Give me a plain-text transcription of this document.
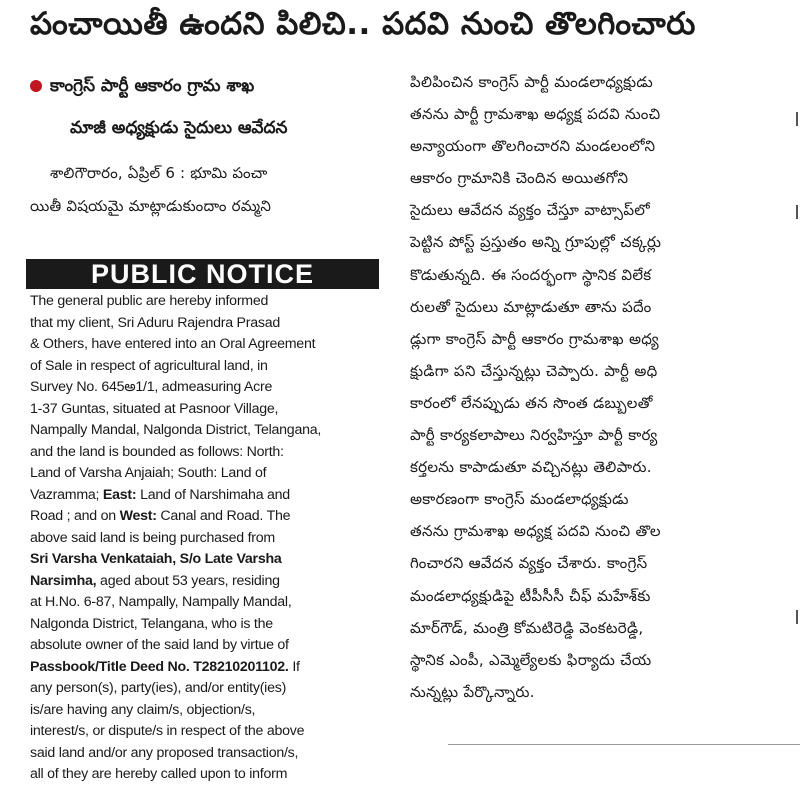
పంచాయితీ ఉందని పిలిచి.. పదవి నుంచి తొలగించారు
కాంగ్రెస్ పార్టీ ఆకారం గ్రామ శాఖ
మాజీ అధ్యక్షుడు సైదులు ఆవేదన
శాలిగౌరారం, ఏప్రిల్ 6 : భూమి పంచా
యితీ విషయమై మాట్లాడుకుందాం రమ్మని
PUBLIC NOTICE
The general public are hereby informed
that my client, Sri Aduru Rajendra Prasad
& Others, have entered into an Oral Agreement
of Sale in respect of agricultural land, in
Survey No. 645అ1/1, admeasuring Acre
1-37 Guntas, situated at Pasnoor Village,
Nampally Mandal, Nalgonda District, Telangana,
and the land is bounded as follows: North:
Land of Varsha Anjaiah; South: Land of
Vazramma; East: Land of Narshimaha and
Road ; and on West: Canal and Road. The
above said land is being purchased from
Sri Varsha Venkataiah, S/o Late Varsha
Narsimha, aged about 53 years, residing
at H.No. 6-87, Nampally, Nampally Mandal,
Nalgonda District, Telangana, who is the
absolute owner of the said land by virtue of
Passbook/Title Deed No. T28210201102. If
any person(s), party(ies), and/or entity(ies)
is/are having any claim/s, objection/s,
interest/s, or dispute/s in respect of the above
said land and/or any proposed transaction/s,
all of they are hereby called upon to inform
పిలిపించిన కాంగ్రెస్ పార్టీ మండలాధ్యక్షుడు
తనను పార్టీ గ్రామశాఖ అధ్యక్ష పదవి నుంచి
అన్యాయంగా తొలగించారని మండలంలోని
ఆకారం గ్రామానికి చెందిన అయితగోని
సైదులు ఆవేదన వ్యక్తం చేస్తూ వాట్సాప్‌లో
పెట్టిన పోస్ట్ ప్రస్తుతం అన్ని గ్రూపుల్లో చక్కర్లు
కొడుతున్నది. ఈ సందర్భంగా స్థానిక విలేక
రులతో సైదులు మాట్లాడుతూ తాను పదేం
డ్లుగా కాంగ్రెస్ పార్టీ ఆకారం గ్రామశాఖ అధ్య
క్షుడిగా పని చేస్తున్నట్లు చెప్పారు. పార్టీ అధి
కారంలో లేనప్పుడు తన సొంత డబ్బులతో
పార్టీ కార్యకలాపాలు నిర్వహిస్తూ పార్టీ కార్య
కర్తలను కాపాడుతూ వచ్చినట్లు తెలిపారు.
అకారణంగా కాంగ్రెస్ మండలాధ్యక్షుడు
తనను గ్రామశాఖ అధ్యక్ష పదవి నుంచి తొల
గించారని ఆవేదన వ్యక్తం చేశారు. కాంగ్రెస్
మండలాధ్యక్షుడిపై టీపీసీసీ చీఫ్ మహేశ్‌కు
మార్‌గౌడ్, మంత్రి కోమటిరెడ్డి వెంకటరెడ్డి,
స్థానిక ఎంపీ, ఎమ్మెల్యేలకు ఫిర్యాదు చేయ
నున్నట్లు పేర్కొన్నారు.
